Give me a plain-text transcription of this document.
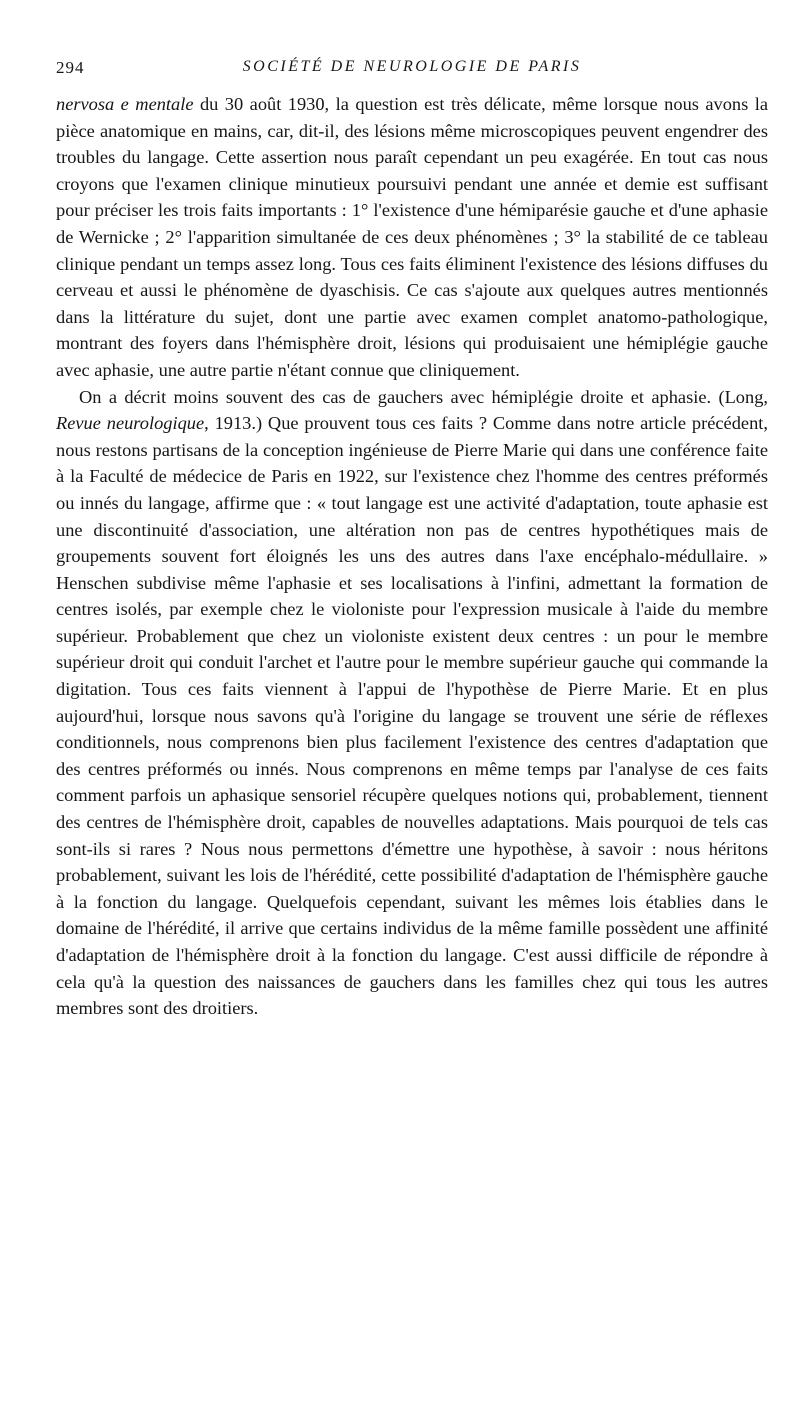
294	SOCIÉTÉ DE NEUROLOGIE DE PARIS

nervosa e mentale du 30 août 1930, la question est très délicate, même lorsque nous avons la pièce anatomique en mains, car, dit-il, des lésions même microscopiques peuvent engendrer des troubles du langage. Cette assertion nous paraît cependant un peu exagérée. En tout cas nous croyons que l'examen clinique minutieux poursuivi pendant une année et demie est suffisant pour préciser les trois faits importants : 1° l'existence d'une hémiparésie gauche et d'une aphasie de Wernicke ; 2° l'apparition simultanée de ces deux phénomènes ; 3° la stabilité de ce tableau clinique pendant un temps assez long. Tous ces faits éliminent l'existence des lésions diffuses du cerveau et aussi le phénomène de dyaschisis. Ce cas s'ajoute aux quelques autres mentionnés dans la littérature du sujet, dont une partie avec examen complet anatomo-pathologique, montrant des foyers dans l'hémisphère droit, lésions qui produisaient une hémiplégie gauche avec aphasie, une autre partie n'étant connue que cliniquement.

On a décrit moins souvent des cas de gauchers avec hémiplégie droite et aphasie. (Long, Revue neurologique, 1913.) Que prouvent tous ces faits ? Comme dans notre article précédent, nous restons partisans de la conception ingénieuse de Pierre Marie qui dans une conférence faite à la Faculté de médecice de Paris en 1922, sur l'existence chez l'homme des centres préformés ou innés du langage, affirme que : « tout langage est une activité d'adaptation, toute aphasie est une discontinuité d'association, une altération non pas de centres hypothétiques mais de groupements souvent fort éloignés les uns des autres dans l'axe encéphalo-médullaire. » Henschen subdivise même l'aphasie et ses localisations à l'infini, admettant la formation de centres isolés, par exemple chez le violoniste pour l'expression musicale à l'aide du membre supérieur. Probablement que chez un violoniste existent deux centres : un pour le membre supérieur droit qui conduit l'archet et l'autre pour le membre supérieur gauche qui commande la digitation. Tous ces faits viennent à l'appui de l'hypothèse de Pierre Marie. Et en plus aujourd'hui, lorsque nous savons qu'à l'origine du langage se trouvent une série de réflexes conditionnels, nous comprenons bien plus facilement l'existence des centres d'adaptation que des centres préformés ou innés. Nous comprenons en même temps par l'analyse de ces faits comment parfois un aphasique sensoriel récupère quelques notions qui, probablement, tiennent des centres de l'hémisphère droit, capables de nouvelles adaptations. Mais pourquoi de tels cas sont-ils si rares ? Nous nous permettons d'émettre une hypothèse, à savoir : nous héritons probablement, suivant les lois de l'hérédité, cette possibilité d'adaptation de l'hémisphère gauche à la fonction du langage. Quelquefois cependant, suivant les mêmes lois établies dans le domaine de l'hérédité, il arrive que certains individus de la même famille possèdent une affinité d'adaptation de l'hémisphère droit à la fonction du langage. C'est aussi difficile de répondre à cela qu'à la question des naissances de gauchers dans les familles chez qui tous les autres membres sont des droitiers.
